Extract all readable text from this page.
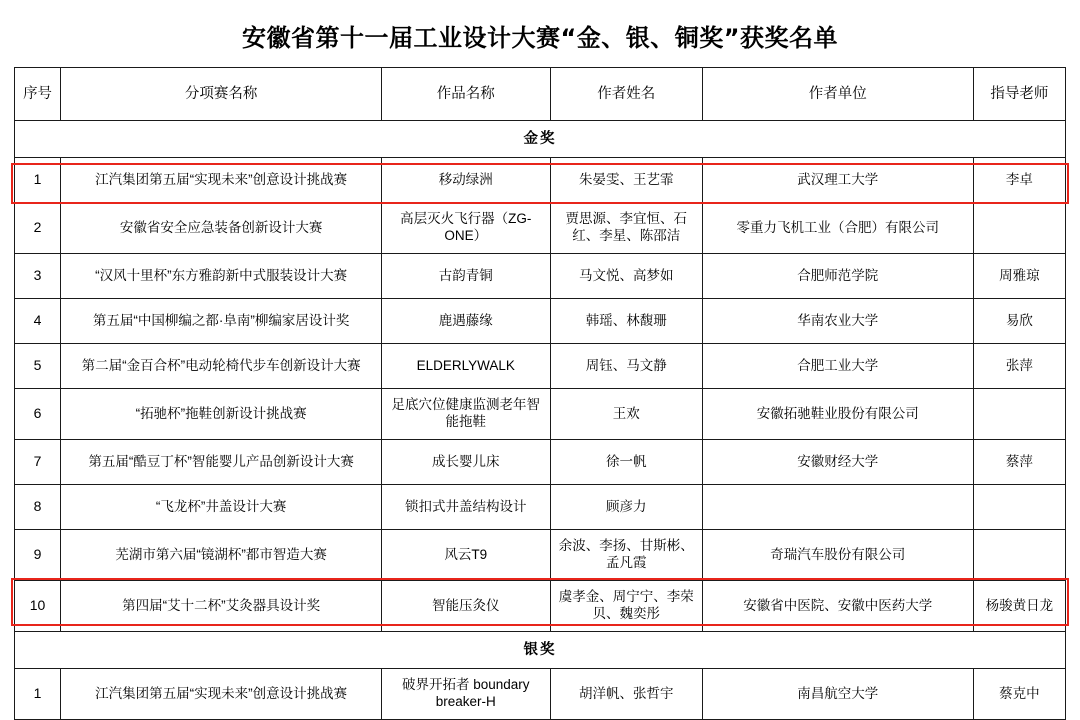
安徽省第十一届工业设计大赛“金、银、铜奖”获奖名单
序号	分项赛名称	作品名称	作者姓名	作者单位	指导老师
金奖					
1	江汽集团第五届“实现未来”创意设计挑战赛	移动绿洲	朱晏雯、王艺霏	武汉理工大学	李卓
2	安徽省安全应急装备创新设计大赛	高层灭火飞行器（ZG-ONE）	贾思源、李宜恒、石红、李星、陈邵洁	零重力飞机工业（合肥）有限公司	
3	“汉风十里杯”东方雅韵新中式服装设计大赛	古韵青铜	马文悦、高梦如	合肥师范学院	周雅琼
4	第五届“中国柳编之都·阜南”柳编家居设计奖	鹿遇藤缘	韩瑶、林馥珊	华南农业大学	易欣
5	第二届“金百合杯”电动轮椅代步车创新设计大赛	ELDERLYWALK	周钰、马文静	合肥工业大学	张萍
6	“拓驰杯”拖鞋创新设计挑战赛	足底穴位健康监测老年智能拖鞋	王欢	安徽拓驰鞋业股份有限公司	
7	第五届“酷豆丁杯”智能婴儿产品创新设计大赛	成长婴儿床	徐一帆	安徽财经大学	蔡萍
8	“飞龙杯”井盖设计大赛	锁扣式井盖结构设计	顾彦力		
9	芜湖市第六届“镜湖杯”都市智造大赛	风云T9	余波、李扬、甘斯彬、孟凡霞	奇瑞汽车股份有限公司	
10	第四届“艾十二杯”艾灸器具设计奖	智能压灸仪	虞孝金、周宁宁、李荣贝、魏奕彤	安徽省中医院、安徽中医药大学	杨骏黄日龙
银奖					
1	江汽集团第五届“实现未来”创意设计挑战赛	破界开拓者 boundary breaker-H	胡洋帆、张哲宇	南昌航空大学	蔡克中
